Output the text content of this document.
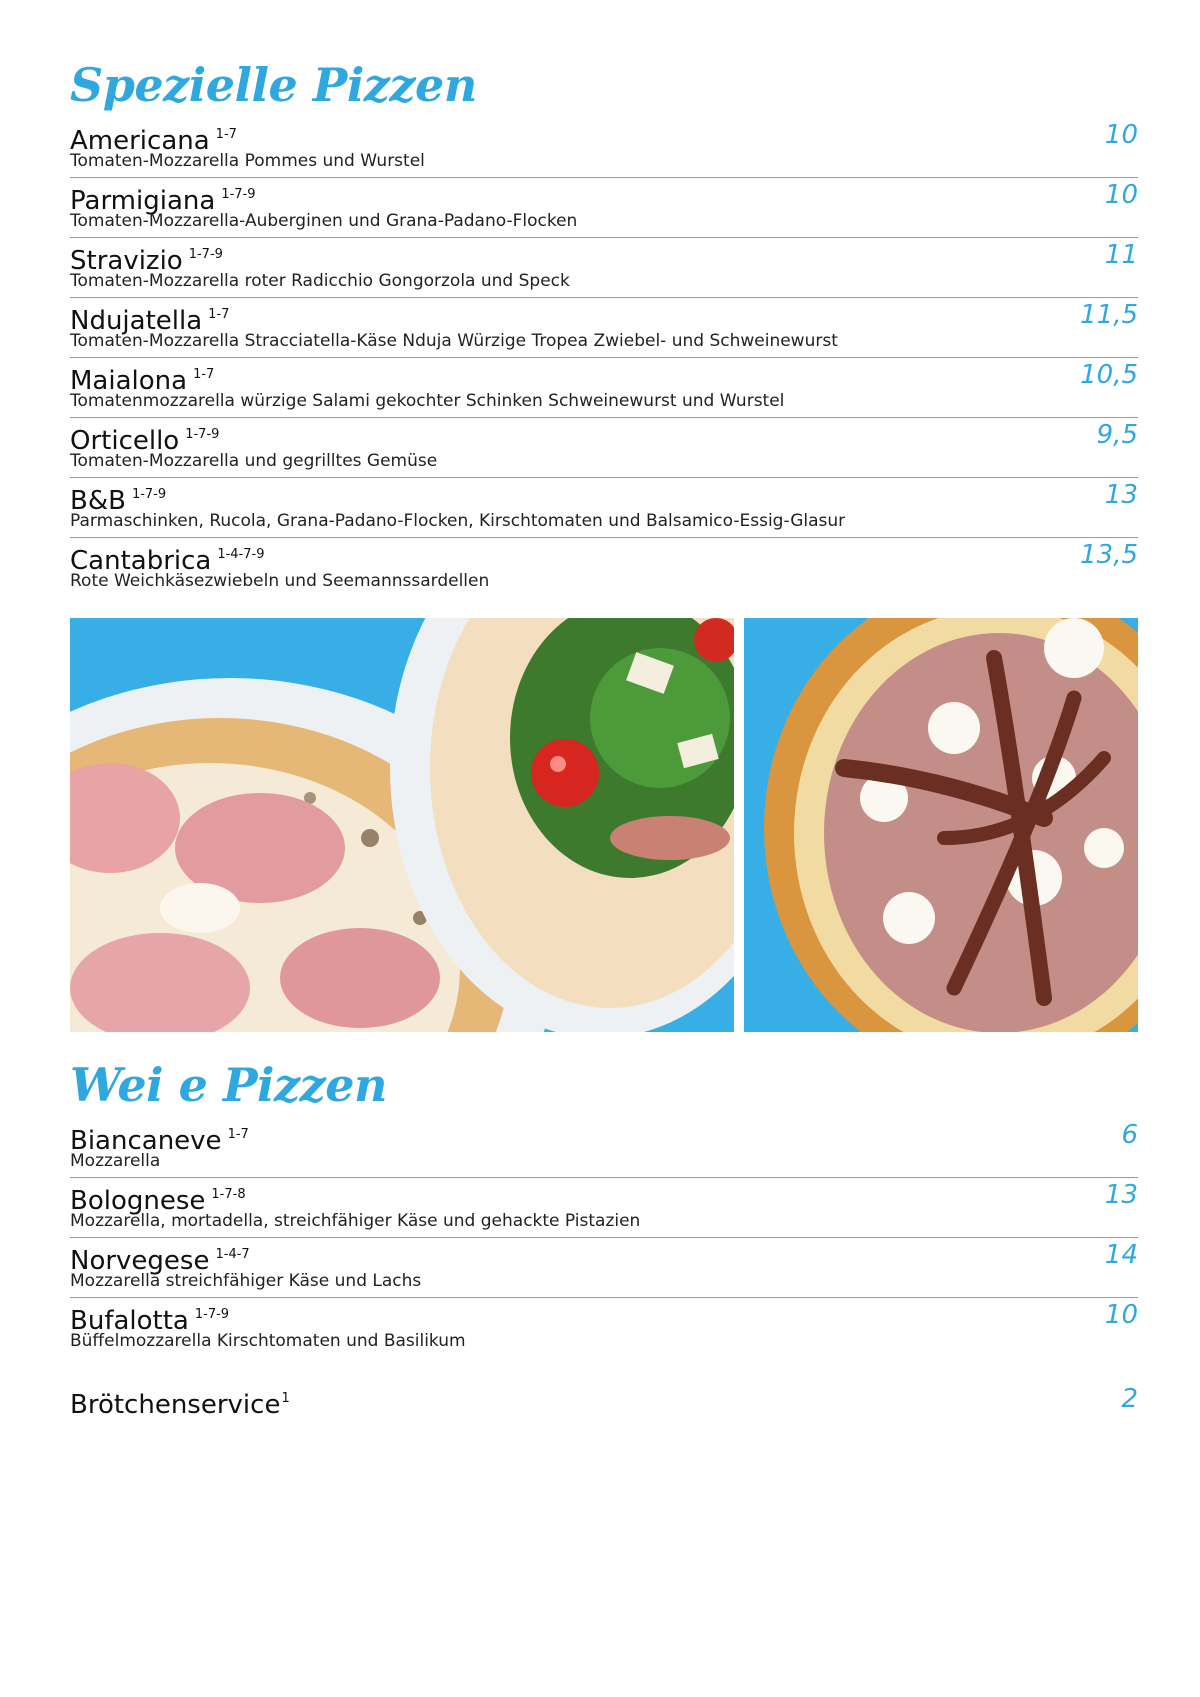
Spezielle Pizzen
Americana $^{1-7}$
Tomaten-Mozzarella Pommes und Wurstel
10
Parmigiana $^{1-7-9}$
Tomaten-Mozzarella-Auberginen und Grana-Padano-Flocken
10
Stravizio $^{1-7-9}$
Tomaten-Mozzarella roter Radicchio Gongorzola und Speck
11
Ndujatella $^{1-7}$
Tomaten-Mozzarella Stracciatella-Käse Nduja Würzige Tropea Zwiebel- und Schweinewurst
11,5
Maialona $^{1-7}$
Tomatenmozzarella würzige Salami gekochter Schinken Schweinewurst und Wurstel
10,5
Orticello $^{1-7-9}$
Tomaten-Mozzarella und gegrilltes Gemüse
9,5
B&B $^{1-7-9}$
Parmaschinken, Rucola, Grana-Padano-Flocken, Kirschtomaten und Balsamico-Essig-Glasur
13
Cantabrica $^{1-4-7-9}$
Rote Weichkäsezwiebeln und Seemannssardellen
13,5
Wei e Pizzen
Biancaneve $^{1-7}$
Mozzarella
6
Bolognese $^{1-7-8}$
Mozzarella, mortadella, streichfähiger Käse und gehackte Pistazien
13
Norvegese $^{1-4-7}$
Mozzarella streichfähiger Käse und Lachs
14
Bufalotta $^{1-7-9}$
Büffelmozzarella Kirschtomaten und Basilikum
10
Brötchenservice$^1$	2
